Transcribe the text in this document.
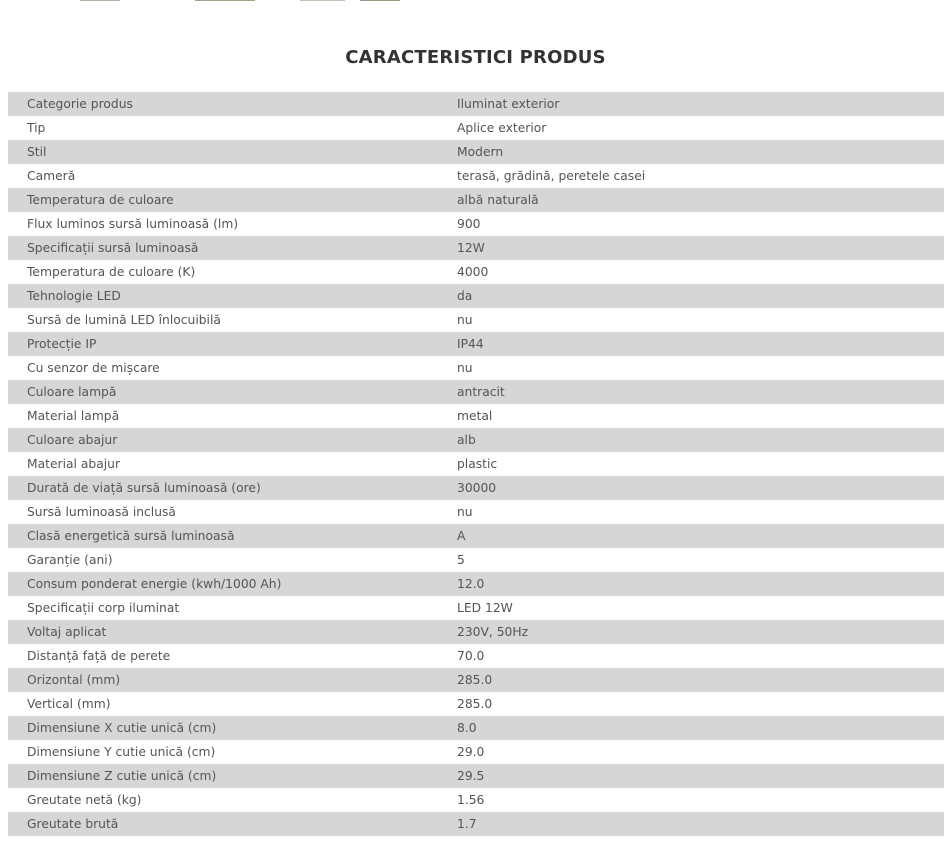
CARACTERISTICI PRODUS
Categorie produs	Iluminat exterior
Tip	Aplice exterior
Stil	Modern
Cameră	terasă, grădină, peretele casei
Temperatura de culoare	albă naturală
Flux luminos sursă luminoasă (lm)	900
Specificații sursă luminoasă	12W
Temperatura de culoare (K)	4000
Tehnologie LED	da
Sursă de lumină LED înlocuibilă	nu
Protecție IP	IP44
Cu senzor de mișcare	nu
Culoare lampă	antracit
Material lampă	metal
Culoare abajur	alb
Material abajur	plastic
Durată de viață sursă luminoasă (ore)	30000
Sursă luminoasă inclusă	nu
Clasă energetică sursă luminoasă	A
Garanție (ani)	5
Consum ponderat energie (kwh/1000 Ah)	12.0
Specificații corp iluminat	LED 12W
Voltaj aplicat	230V, 50Hz
Distanță față de perete	70.0
Orizontal (mm)	285.0
Vertical (mm)	285.0
Dimensiune X cutie unică (cm)	8.0
Dimensiune Y cutie unică (cm)	29.0
Dimensiune Z cutie unică (cm)	29.5
Greutate netă (kg)	1.56
Greutate brută	1.7
